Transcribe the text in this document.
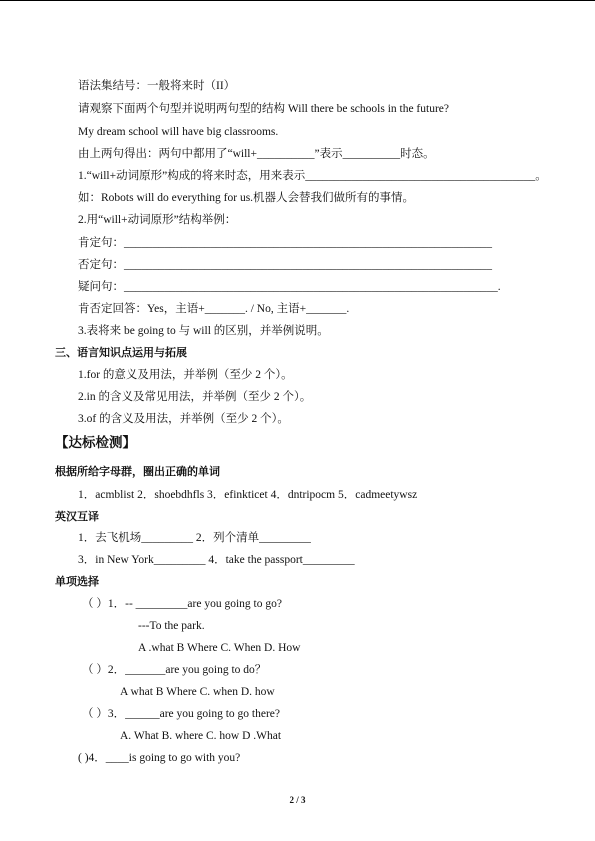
语法集结号：一般将来时（II）
请观察下面两个句型并说明两句型的结构 Will there be schools in the future?
My dream school will have big classrooms.
由上两句得出：两句中都用了“will+__________”表示__________时态。
1.“will+动词原形”构成的将来时态，用来表示________________________________________。
如：Robots will do everything for us.机器人会替我们做所有的事情。
2.用“will+动词原形”结构举例：
肯定句：________________________________________________________________
否定句：________________________________________________________________
疑问句：_________________________________________________________________.
肯否定回答：Yes，主语+_______. / No, 主语+_______.
3.表将来 be going to 与 will 的区别，并举例说明。
三、语言知识点运用与拓展
1.for 的意义及用法，并举例（至少 2 个）。
2.in 的含义及常见用法，并举例（至少 2 个）。
3.of 的含义及用法，并举例（至少 2 个）。
【达标检测】
根据所给字母群，圈出正确的单词
1．acmblist 2．shoebdhfls 3．efinkticet 4．dntripocm 5．cadmeetywsz
英汉互译
1．去飞机场_________ 2．列个清单_________
3．in New York_________ 4．take the passport_________
单项选择
（ ）1．-- _________are you going to go?
---To the park.
A .what B Where C. When D. How
（ ）2．_______are you going to do？
A what B Where C. when D. how
（ ）3．______are you going to go there?
A. What B. where C. how D .What
( )4．____is going to go with you?
2 / 3
